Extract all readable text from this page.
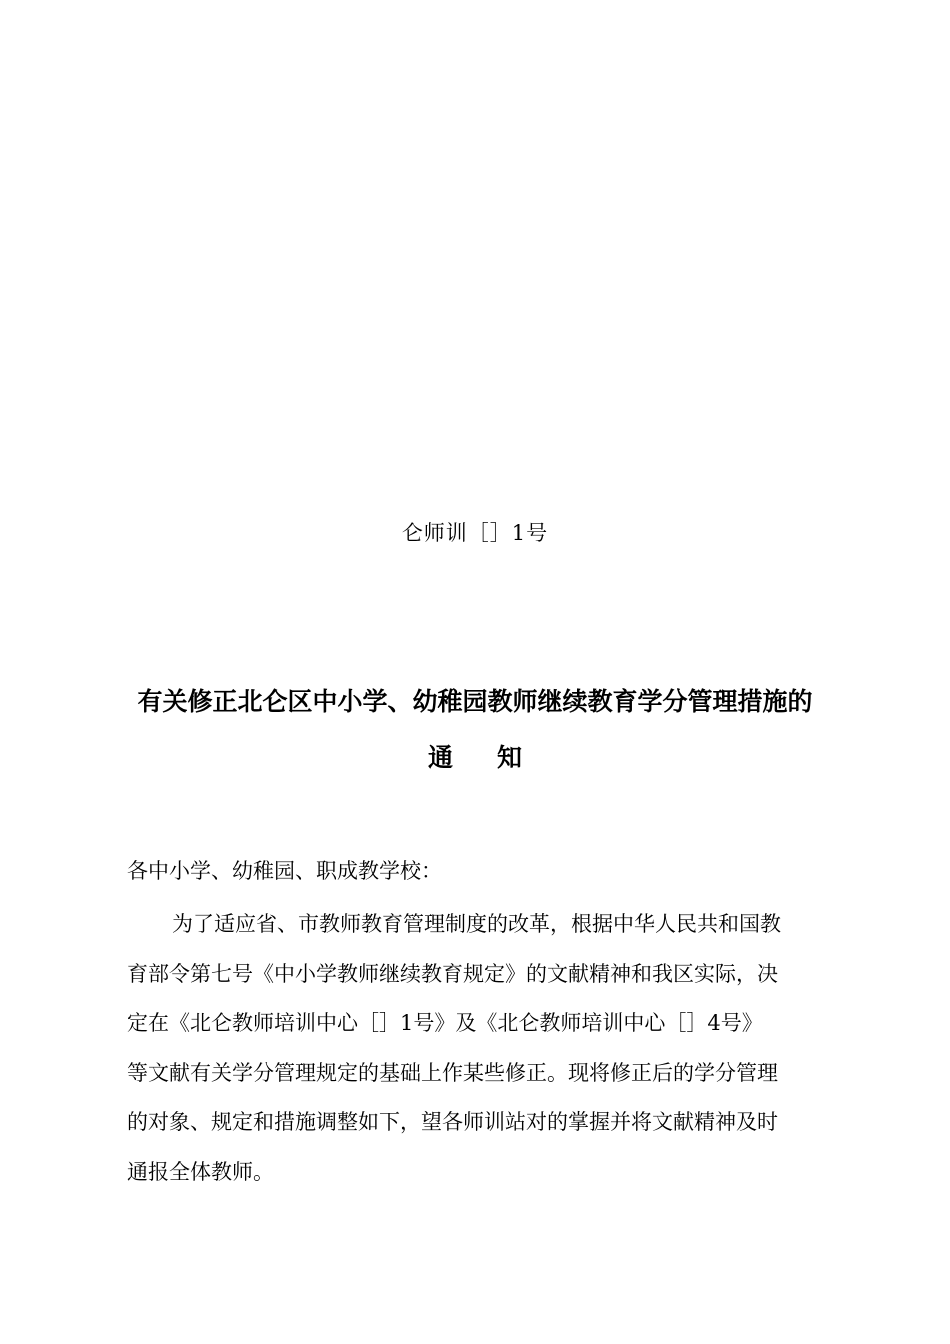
仑师训［］1号
有关修正北仑区中小学、幼稚园教师继续教育学分管理措施的
通 知
各中小学、幼稚园、职成教学校：
为了适应省、市教师教育管理制度的改革，根据中华人民共和国教
育部令第七号《中小学教师继续教育规定》的文献精神和我区实际，决
定在《北仑教师培训中心［］1号》及《北仑教师培训中心［］4号》
等文献有关学分管理规定的基础上作某些修正。现将修正后的学分管理
的对象、规定和措施调整如下，望各师训站对的掌握并将文献精神及时
通报全体教师。
